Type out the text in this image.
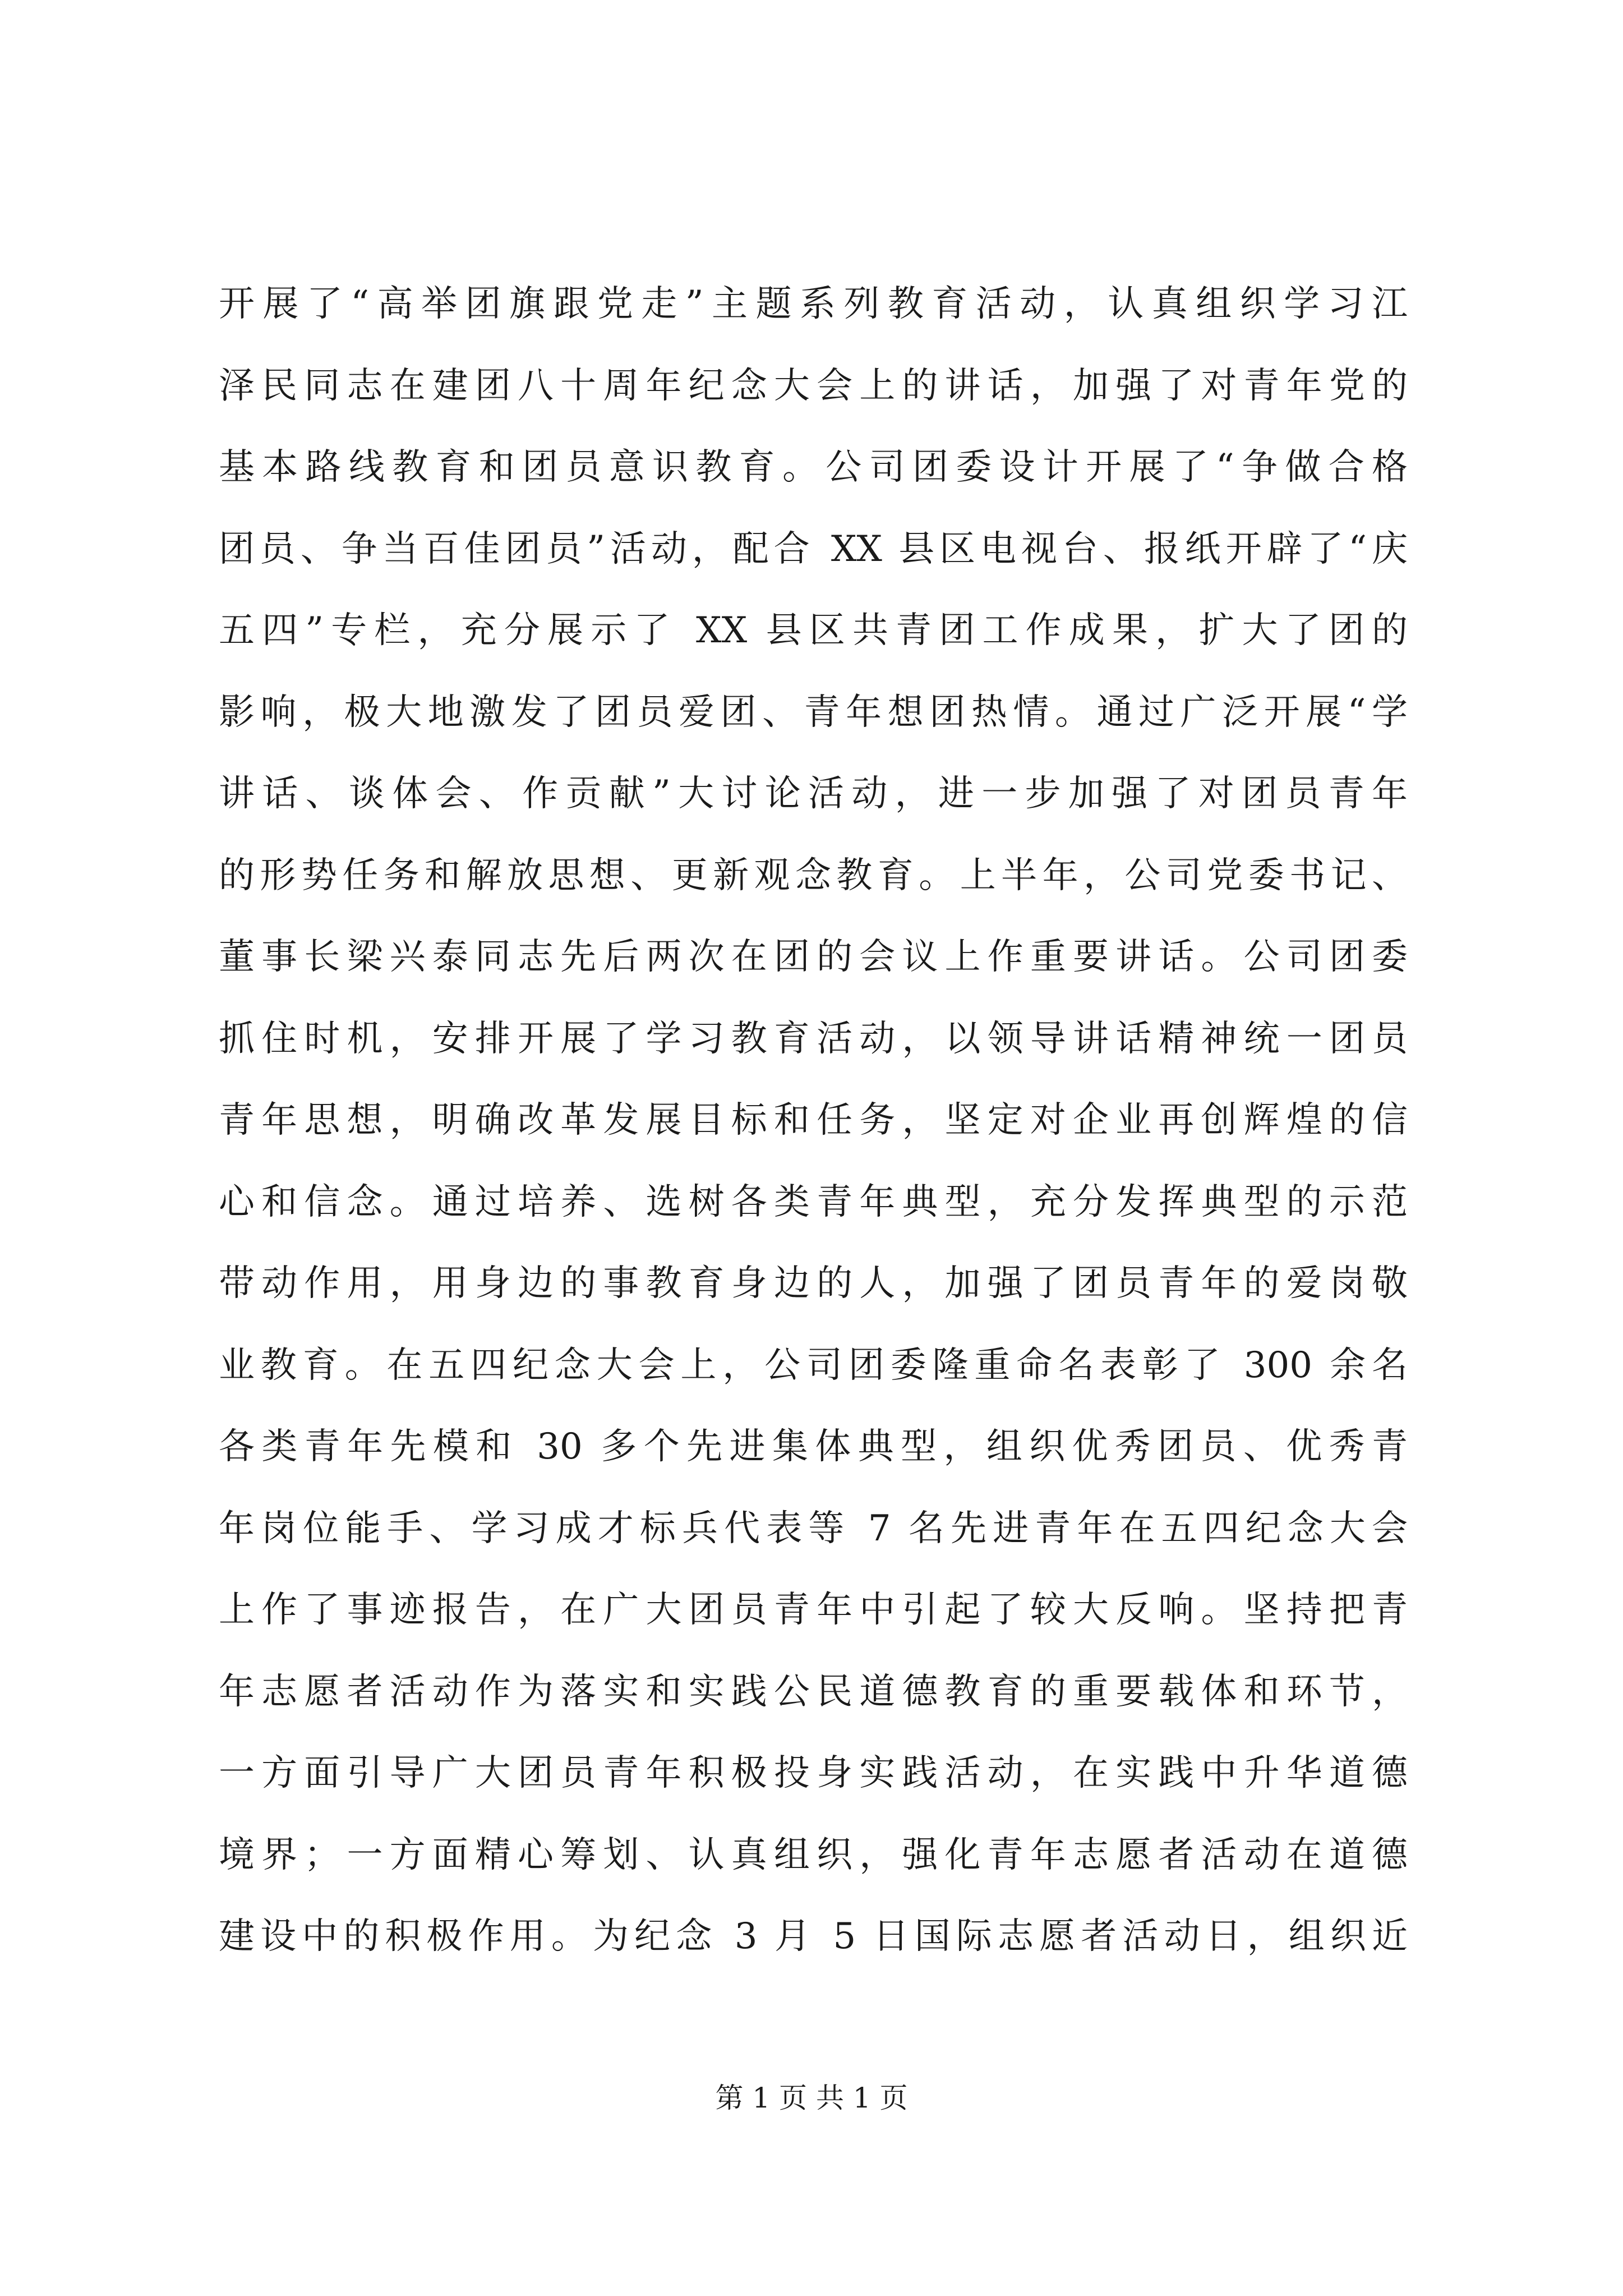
开展了“高举团旗跟党走”主题系列教育活动，认真组织学习江
泽民同志在建团八十周年纪念大会上的讲话，加强了对青年党的
基本路线教育和团员意识教育。公司团委设计开展了“争做合格
团员、争当百佳团员”活动，配合 XX 县区电视台、报纸开辟了“庆
五四”专栏，充分展示了 XX 县区共青团工作成果，扩大了团的
影响，极大地激发了团员爱团、青年想团热情。通过广泛开展“学
讲话、谈体会、作贡献”大讨论活动，进一步加强了对团员青年
的形势任务和解放思想、更新观念教育。上半年，公司党委书记、
董事长梁兴泰同志先后两次在团的会议上作重要讲话。公司团委
抓住时机，安排开展了学习教育活动，以领导讲话精神统一团员
青年思想，明确改革发展目标和任务，坚定对企业再创辉煌的信
心和信念。通过培养、选树各类青年典型，充分发挥典型的示范
带动作用，用身边的事教育身边的人，加强了团员青年的爱岗敬
业教育。在五四纪念大会上，公司团委隆重命名表彰了 300 余名
各类青年先模和 30 多个先进集体典型，组织优秀团员、优秀青
年岗位能手、学习成才标兵代表等 7 名先进青年在五四纪念大会
上作了事迹报告，在广大团员青年中引起了较大反响。坚持把青
年志愿者活动作为落实和实践公民道德教育的重要载体和环节，
一方面引导广大团员青年积极投身实践活动，在实践中升华道德
境界；一方面精心筹划、认真组织，强化青年志愿者活动在道德
建设中的积极作用。为纪念 3 月 5 日国际志愿者活动日，组织近
第 1 页 共 1 页
